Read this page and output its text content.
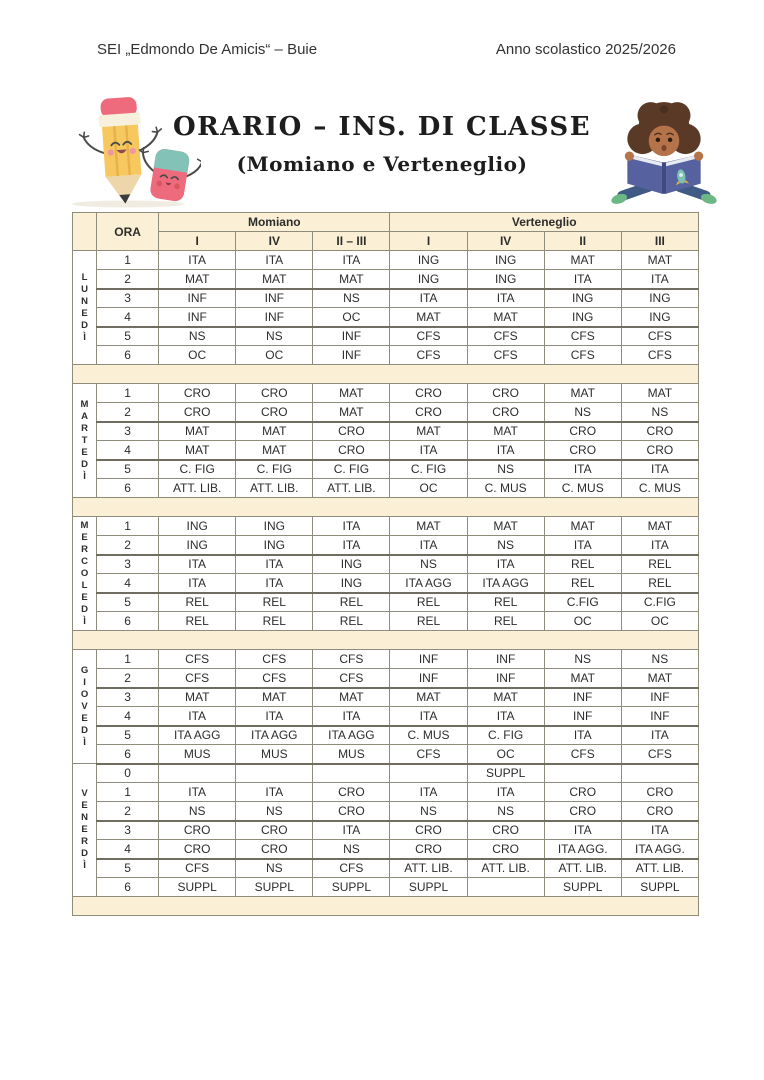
SEI „Edmondo De Amicis“ – Buie	Anno scolastico 2025/2026
ORARIO – INS. DI CLASSE
(Momiano e Verteneglio)
	ORA	Momiano			Verteneglio			
		I	IV	II – III	I	IV	II	III

L
U
N
E
D
Ì
	1	ITA	ITA	ITA	ING	ING	MAT	MAT
	2	MAT	MAT	MAT	ING	ING	ITA	ITA
	3	INF	INF	NS	ITA	ITA	ING	ING
	4	INF	INF	OC	MAT	MAT	ING	ING
	5	NS	NS	INF	CFS	CFS	CFS	CFS
	6	OC	OC	INF	CFS	CFS	CFS	CFS

M
A
R
T
E
D
Ì
	1	CRO	CRO	MAT	CRO	CRO	MAT	MAT
	2	CRO	CRO	MAT	CRO	CRO	NS	NS
	3	MAT	MAT	CRO	MAT	MAT	CRO	CRO
	4	MAT	MAT	CRO	ITA	ITA	CRO	CRO
	5	C. FIG	C. FIG	C. FIG	C. FIG	NS	ITA	ITA
	6	ATT. LIB.	ATT. LIB.	ATT. LIB.	OC	C. MUS	C. MUS	C. MUS

M
E
R
C
O
L
E
D
Ì
	1	ING	ING	ITA	MAT	MAT	MAT	MAT
	2	ING	ING	ITA	ITA	NS	ITA	ITA
	3	ITA	ITA	ING	NS	ITA	REL	REL
	4	ITA	ITA	ING	ITA AGG	ITA AGG	REL	REL
	5	REL	REL	REL	REL	REL	C.FIG	C.FIG
	6	REL	REL	REL	REL	REL	OC	OC

G
I
O
V
E
D
Ì
	1	CFS	CFS	CFS	INF	INF	NS	NS
	2	CFS	CFS	CFS	INF	INF	MAT	MAT
	3	MAT	MAT	MAT	MAT	MAT	INF	INF
	4	ITA	ITA	ITA	ITA	ITA	INF	INF
	5	ITA AGG	ITA AGG	ITA AGG	C. MUS	C. FIG	ITA	ITA
	6	MUS	MUS	MUS	CFS	OC	CFS	CFS

V
E
N
E
R
D
Ì
	0					SUPPL		
	1	ITA	ITA	CRO	ITA	ITA	CRO	CRO
	2	NS	NS	CRO	NS	NS	CRO	CRO
	3	CRO	CRO	ITA	CRO	CRO	ITA	ITA
	4	CRO	CRO	NS	CRO	CRO	ITA AGG.	ITA AGG.
	5	CFS	NS	CFS	ATT. LIB.	ATT. LIB.	ATT. LIB.	ATT. LIB.
	6	SUPPL	SUPPL	SUPPL	SUPPL		SUPPL	SUPPL
